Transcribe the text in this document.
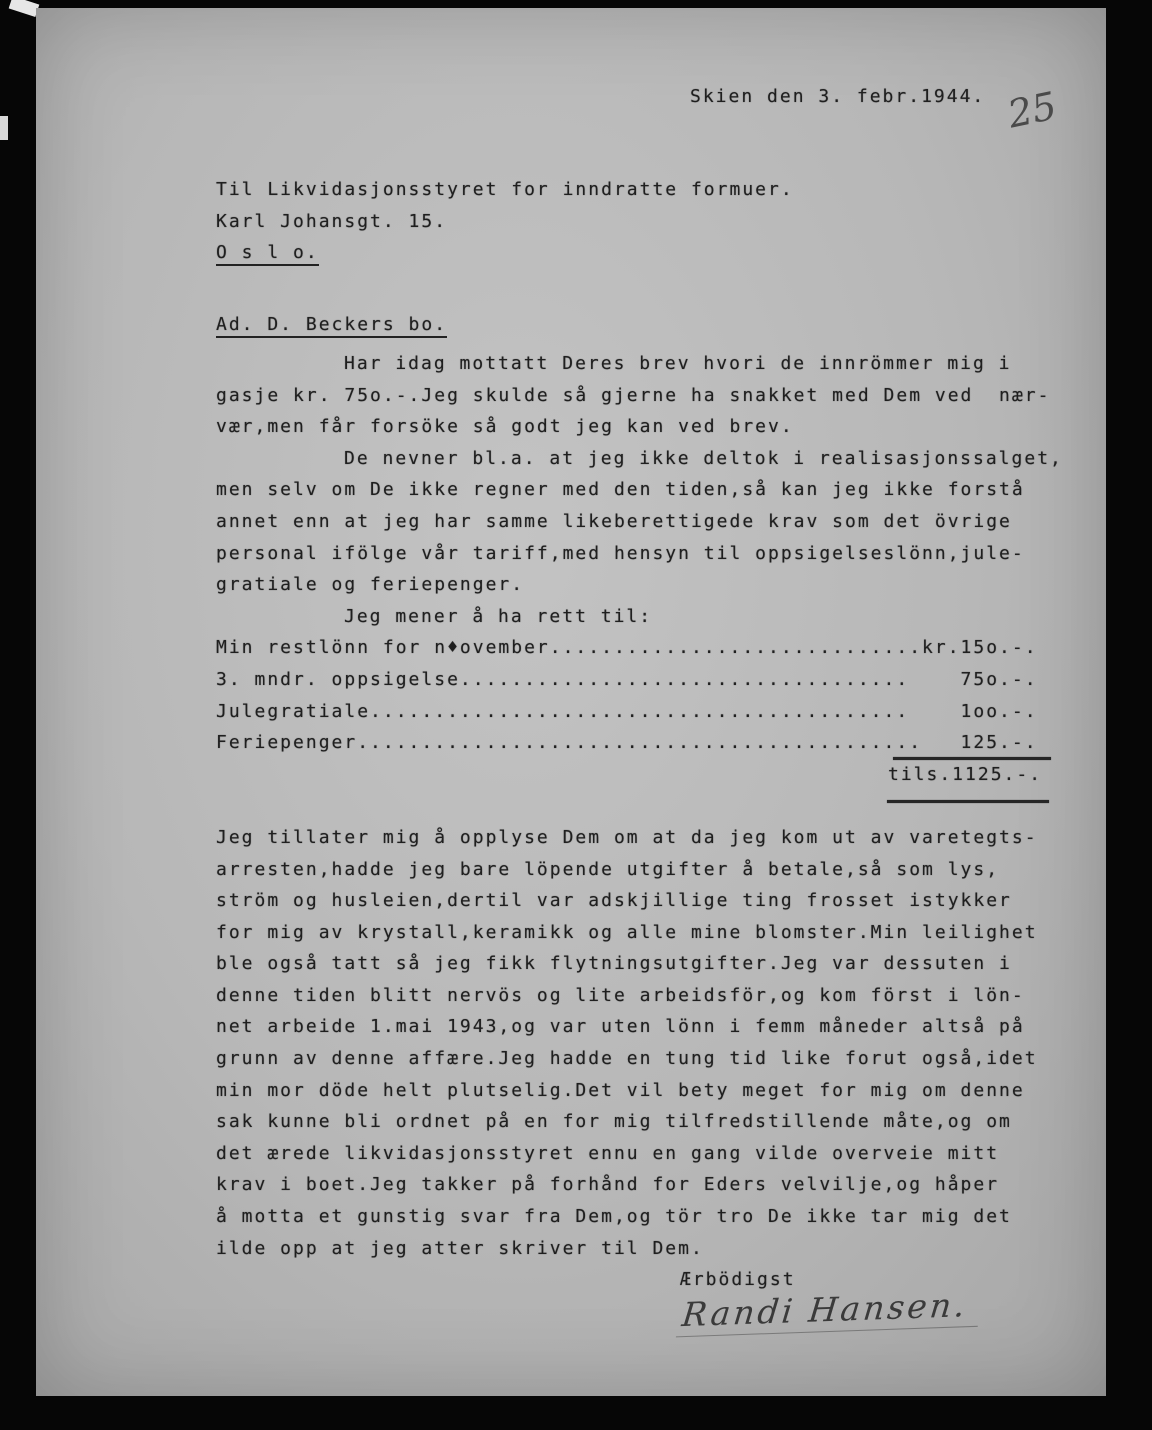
Skien den 3. febr.1944. 25
Til Likvidasjonsstyret for inndratte formuer.
Karl Johansgt. 15.
O s l o.
Ad. D. Beckers bo.
Har idag mottatt Deres brev hvori de innrömmer mig i
gasje kr. 75o.-.Jeg skulde så gjerne ha snakket med Dem ved  nær-
vær,men får forsöke så godt jeg kan ved brev.
De nevner bl.a. at jeg ikke deltok i realisasjonssalget,
men selv om De ikke regner med den tiden,så kan jeg ikke forstå
annet enn at jeg har samme likeberettigede krav som det övrige
personal ifölge vår tariff,med hensyn til oppsigelseslönn,jule-
gratiale og feriepenger.
Jeg mener å ha rett til:
Min restlönn for n♦ovember.............................kr.15o.-.
3. mndr. oppsigelse...................................    75o.-.
Julegratiale..........................................    1oo.-.
Feriepenger............................................   125.-.
tils.1125.-.
Jeg tillater mig å opplyse Dem om at da jeg kom ut av varetegts-
arresten,hadde jeg bare löpende utgifter å betale,så som lys,
ström og husleien,dertil var adskjillige ting frosset istykker
for mig av krystall,keramikk og alle mine blomster.Min leilighet
ble også tatt så jeg fikk flytningsutgifter.Jeg var dessuten i
denne tiden blitt nervös og lite arbeidsför,og kom först i lön-
net arbeide 1.mai 1943,og var uten lönn i femm måneder altså på
grunn av denne affære.Jeg hadde en tung tid like forut også,idet
min mor döde helt plutselig.Det vil bety meget for mig om denne
sak kunne bli ordnet på en for mig tilfredstillende måte,og om
det ærede likvidasjonsstyret ennu en gang vilde overveie mitt
krav i boet.Jeg takker på forhånd for Eders velvilje,og håper
å motta et gunstig svar fra Dem,og tör tro De ikke tar mig det
ilde opp at jeg atter skriver til Dem.
Ærbödigst
Randi Hansen.
